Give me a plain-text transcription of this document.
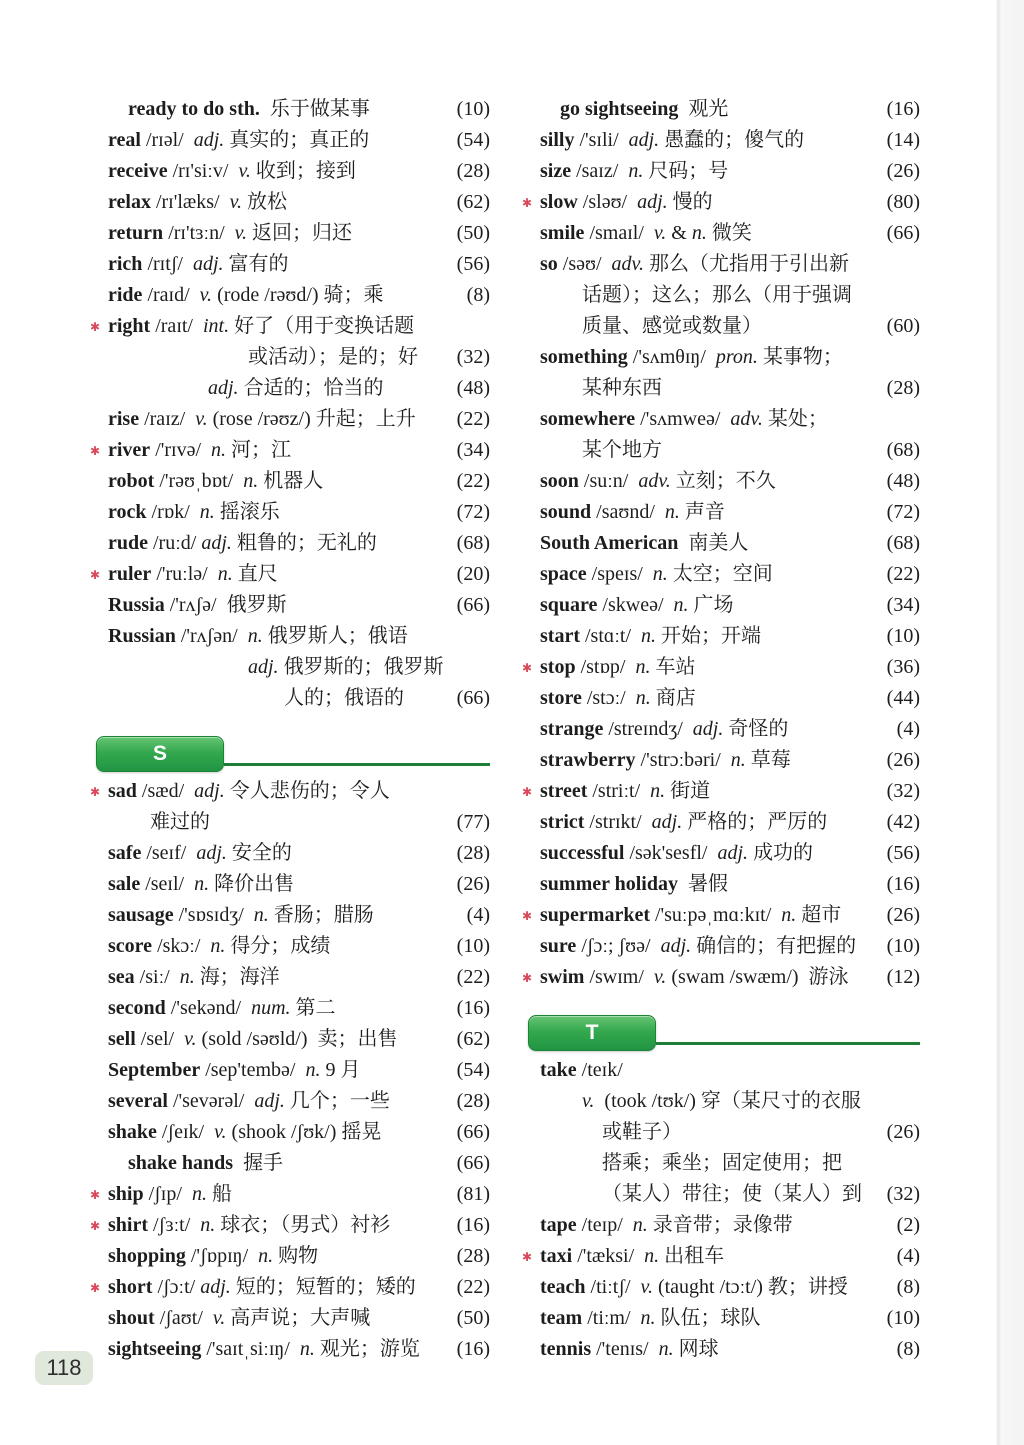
ready to do sth.  乐于做某事	(10)
real /rɪəl/  adj. 真实的；真正的	(54)
receive /rɪ'siːv/  v. 收到；接到	(28)
relax /rɪ'læks/  v. 放松	(62)
return /rɪ'tɜːn/  v. 返回；归还	(50)
rich /rɪtʃ/  adj. 富有的	(56)
ride /raɪd/  v. (rode /rəʊd/) 骑；乘	(8)
✱ right /raɪt/  int. 好了（用于变换话题
或活动）；是的；好 (32)
adj. 合适的；恰当的	(48)
rise /raɪz/  v. (rose /rəʊz/) 升起；上升 (22)
✱ river /'rɪvə/  n. 河；江	(34)
robot /'rəʊˌbɒt/  n. 机器人	(22)
rock /rɒk/  n. 摇滚乐	(72)
rude /ruːd/ adj. 粗鲁的；无礼的	(68)
✱ ruler /'ruːlə/  n. 直尺	(20)
Russia /'rʌʃə/  俄罗斯	(66)
Russian /'rʌʃən/  n. 俄罗斯人；俄语
adj. 俄罗斯的；俄罗斯
人的；俄语的	(66)
S
✱ sad /sæd/  adj. 令人悲伤的；令人
难过的	(77)
safe /seɪf/  adj. 安全的	(28)
sale /seɪl/  n. 降价出售	(26)
sausage /'sɒsɪdʒ/  n. 香肠；腊肠	(4)
score /skɔː/  n. 得分；成绩	(10)
sea /siː/  n. 海；海洋	(22)
second /'sekənd/  num. 第二	(16)
sell /sel/  v. (sold /səʊld/)  卖；出售	(62)
September /sep'tembə/  n. 9 月	(54)
several /'sevərəl/  adj. 几个；一些	(28)
shake /ʃeɪk/  v. (shook /ʃʊk/) 摇晃	(66)
shake hands  握手	(66)
✱ ship /ʃɪp/  n. 船	(81)
✱ shirt /ʃɜːt/  n. 球衣；（男式）衬衫	(16)
shopping /'ʃɒpɪŋ/  n. 购物	(28)
✱ short /ʃɔːt/ adj. 短的；短暂的；矮的 (22)
shout /ʃaʊt/  v. 高声说；大声喊	(50)
sightseeing /'saɪtˌsiːɪŋ/  n. 观光；游览 (16)
go sightseeing  观光	(16)
silly /'sɪli/  adj. 愚蠢的；傻气的	(14)
size /saɪz/  n. 尺码；号	(26)
✱ slow /sləʊ/  adj. 慢的	(80)
smile /smaɪl/  v. & n. 微笑	(66)
so /səʊ/  adv. 那么（尤指用于引出新
话题）；这么；那么（用于强调
质量、感觉或数量）	(60)
something /'sʌmθɪŋ/  pron. 某事物；
某种东西	(28)
somewhere /'sʌmweə/  adv. 某处；
某个地方	(68)
soon /suːn/  adv. 立刻；不久	(48)
sound /saʊnd/  n. 声音	(72)
South American  南美人	(68)
space /speɪs/  n. 太空；空间	(22)
square /skweə/  n. 广场	(34)
start /stɑːt/  n. 开始；开端	(10)
✱ stop /stɒp/  n. 车站	(36)
store /stɔː/  n. 商店	(44)
strange /streɪndʒ/  adj. 奇怪的	(4)
strawberry /'strɔːbəri/  n. 草莓	(26)
✱ street /striːt/  n. 街道	(32)
strict /strɪkt/  adj. 严格的；严厉的	(42)
successful /sək'sesfl/  adj. 成功的	(56)
summer holiday  暑假	(16)
✱ supermarket /'suːpəˌmɑːkɪt/  n. 超市 (26)
sure /ʃɔː; ʃʊə/  adj. 确信的；有把握的 (10)
✱ swim /swɪm/  v. (swam /swæm/)  游泳 (12)
T
take /teɪk/
v.  (took /tʊk/) 穿（某尺寸的衣服
或鞋子）	(26)
搭乘；乘坐；固定使用；把
（某人）带往；使（某人）到 (32)
tape /teɪp/  n. 录音带；录像带	(2)
✱ taxi /'tæksi/  n. 出租车	(4)
teach /tiːtʃ/  v. (taught /tɔːt/) 教；讲授 (8)
team /tiːm/  n. 队伍；球队	(10)
tennis /'tenɪs/  n. 网球	(8)
118
